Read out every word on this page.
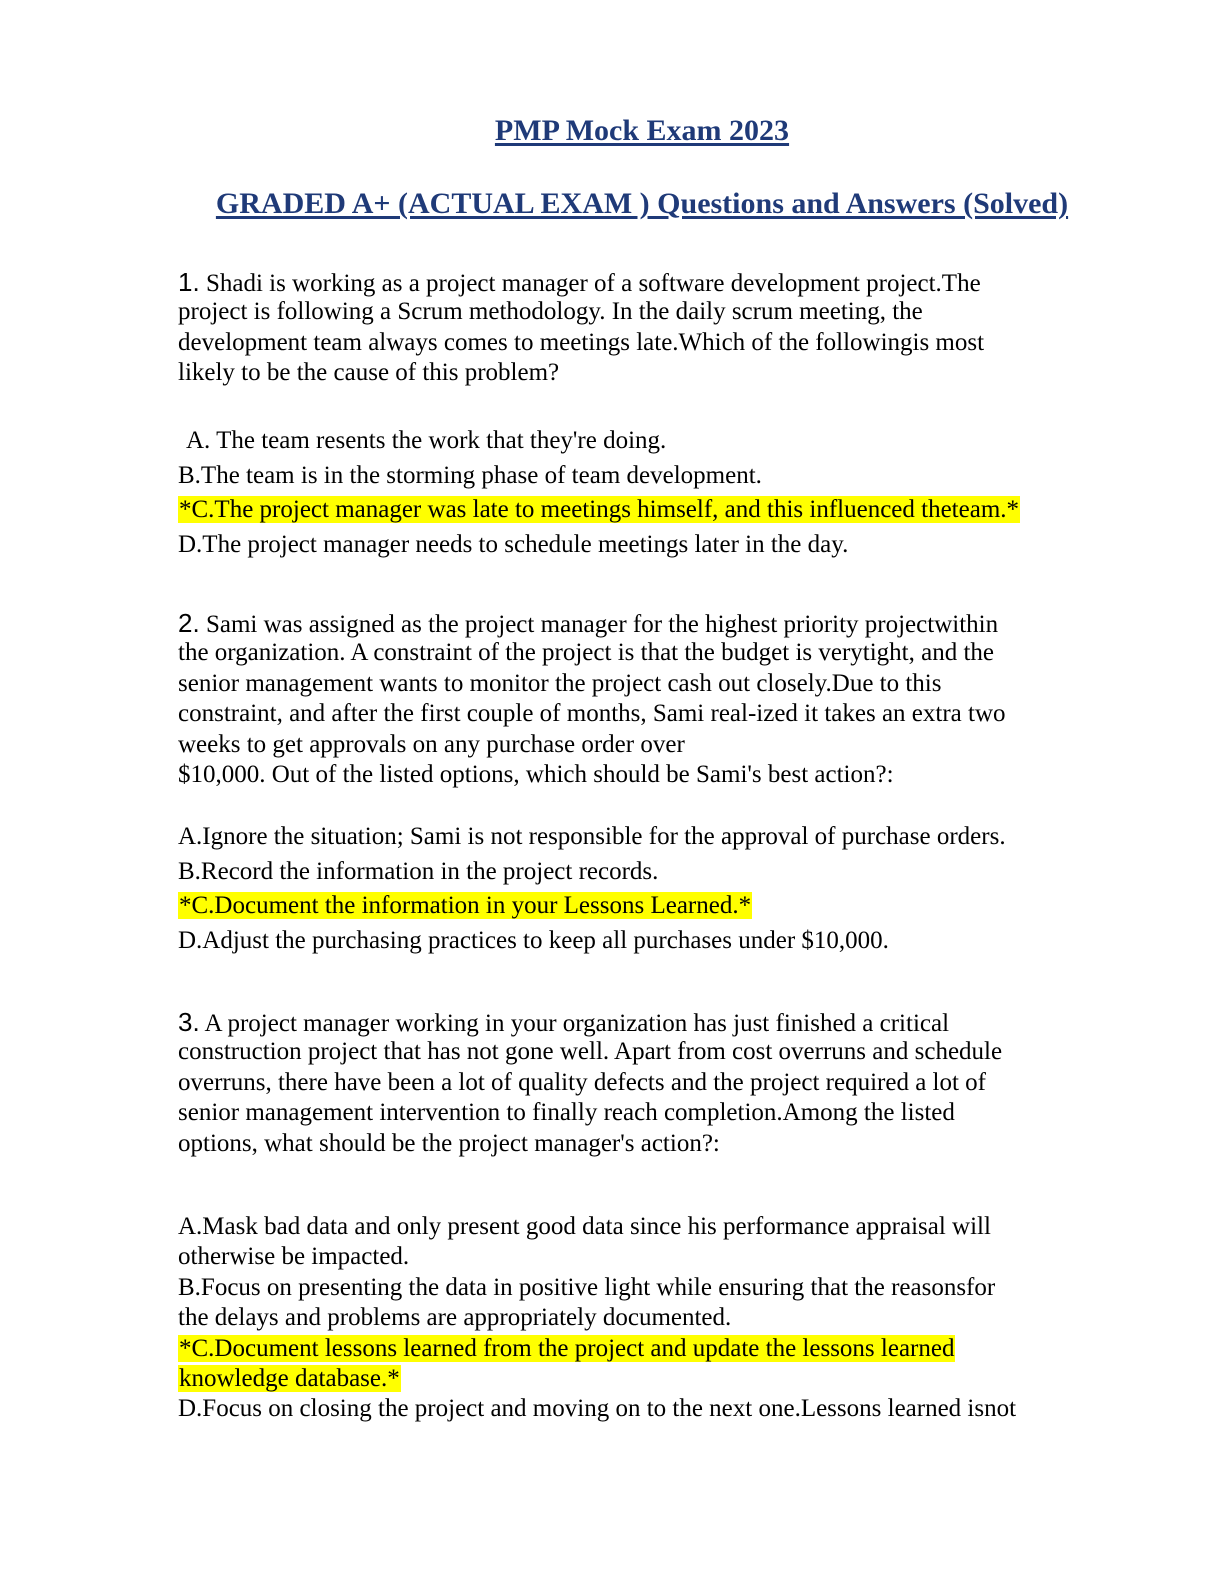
PMP Mock Exam 2023
GRADED A+ (ACTUAL EXAM ) Questions and Answers (Solved)
1. Shadi is working as a project manager of a software development project.The
project is following a Scrum methodology. In the daily scrum meeting, the
development team always comes to meetings late.Which of the followingis most
likely to be the cause of this problem?
A. The team resents the work that they're doing.
B.The team is in the storming phase of team development.
*C.The project manager was late to meetings himself, and this influenced theteam.*
D.The project manager needs to schedule meetings later in the day.
2. Sami was assigned as the project manager for the highest priority projectwithin
the organization. A constraint of the project is that the budget is verytight, and the
senior management wants to monitor the project cash out closely.Due to this
constraint, and after the first couple of months, Sami real-ized it takes an extra two
weeks to get approvals on any purchase order over
$10,000. Out of the listed options, which should be Sami's best action?:
A.Ignore the situation; Sami is not responsible for the approval of purchase orders.
B.Record the information in the project records.
*C.Document the information in your Lessons Learned.*
D.Adjust the purchasing practices to keep all purchases under $10,000.
3. A project manager working in your organization has just finished a critical
construction project that has not gone well. Apart from cost overruns and schedule
overruns, there have been a lot of quality defects and the project required a lot of
senior management intervention to finally reach completion.Among the listed
options, what should be the project manager's action?:
A.Mask bad data and only present good data since his performance appraisal will
otherwise be impacted.
B.Focus on presenting the data in positive light while ensuring that the reasonsfor
the delays and problems are appropriately documented.
*C.Document lessons learned from the project and update the lessons learned
knowledge database.*
D.Focus on closing the project and moving on to the next one.Lessons learned isnot
